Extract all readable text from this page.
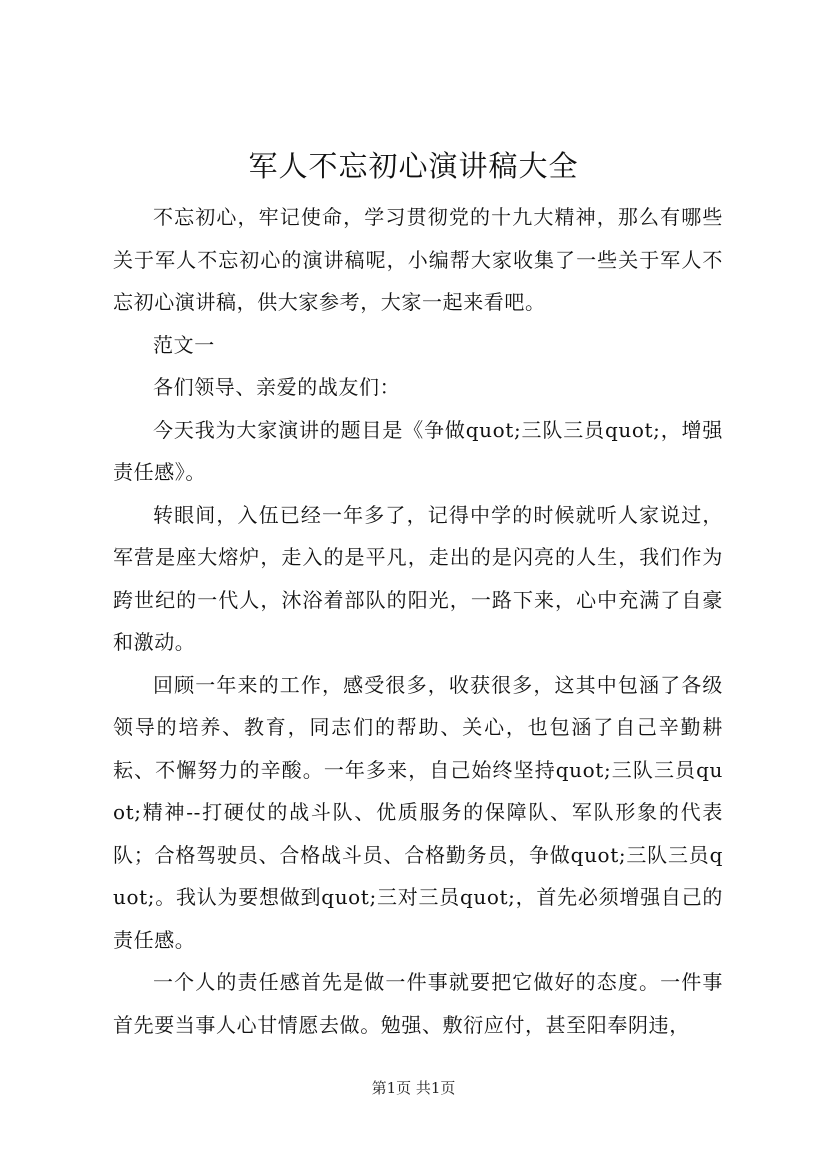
军人不忘初心演讲稿大全

不忘初心，牢记使命，学习贯彻党的十九大精神，那么有哪些关于军人不忘初心的演讲稿呢，小编帮大家收集了一些关于军人不忘初心演讲稿，供大家参考，大家一起来看吧。

范文一

各们领导、亲爱的战友们：

今天我为大家演讲的题目是《争做quot;三队三员quot;，增强责任感》。

转眼间，入伍已经一年多了，记得中学的时候就听人家说过，军营是座大熔炉，走入的是平凡，走出的是闪亮的人生，我们作为跨世纪的一代人，沐浴着部队的阳光，一路下来，心中充满了自豪和激动。

回顾一年来的工作，感受很多，收获很多，这其中包涵了各级领导的培养、教育，同志们的帮助、关心，也包涵了自己辛勤耕耘、不懈努力的辛酸。一年多来，自己始终坚持quot;三队三员quot;精神--打硬仗的战斗队、优质服务的保障队、军队形象的代表队；合格驾驶员、合格战斗员、合格勤务员，争做quot;三队三员quot;。我认为要想做到quot;三对三员quot;，首先必须增强自己的责任感。

一个人的责任感首先是做一件事就要把它做好的态度。一件事首先要当事人心甘情愿去做。勉强、敷衍应付，甚至阳奉阴违，

第1页 共1页
